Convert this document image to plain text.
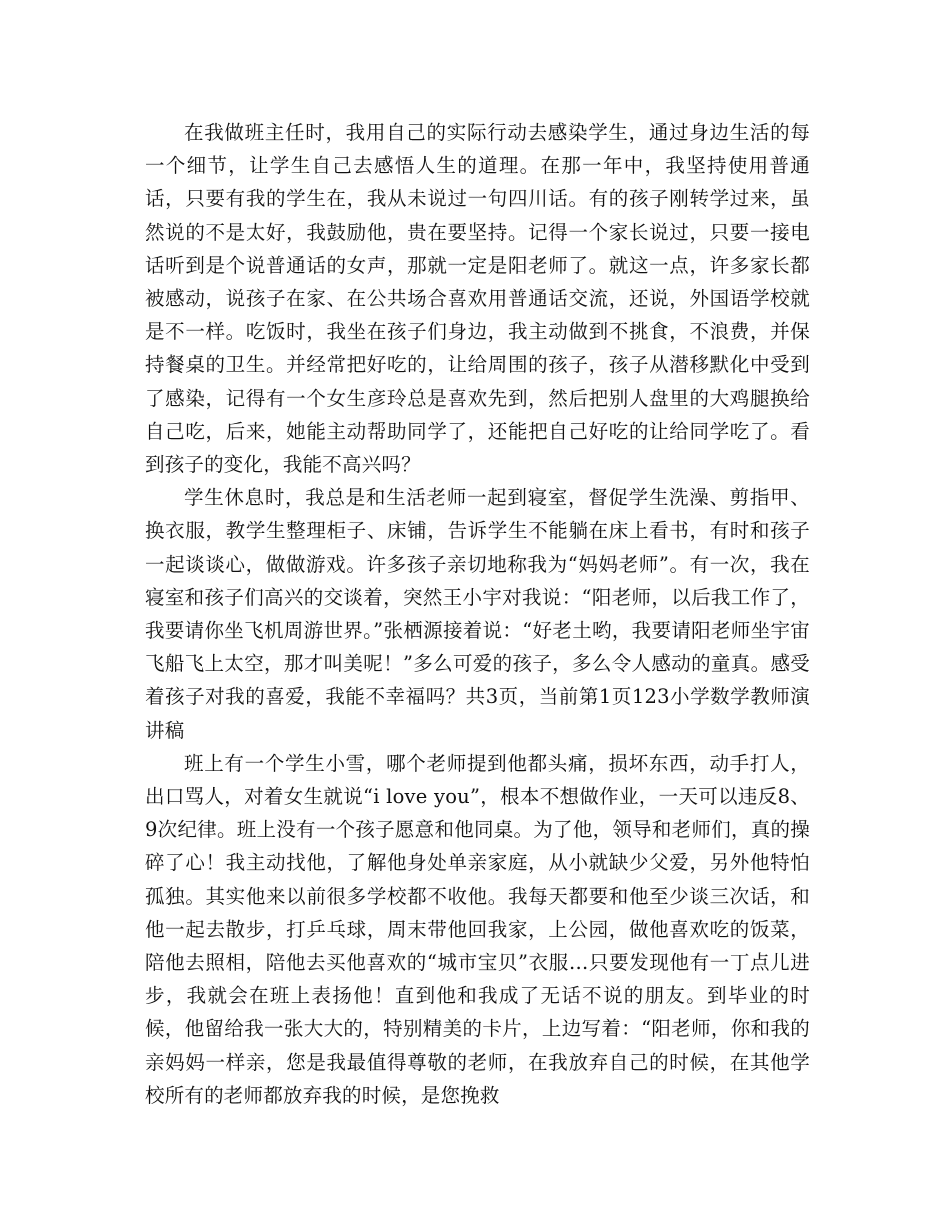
在我做班主任时，我用自己的实际行动去感染学生，通过身边生活的每一个细节，让学生自己去感悟人生的道理。在那一年中，我坚持使用普通话，只要有我的学生在，我从未说过一句四川话。有的孩子刚转学过来，虽然说的不是太好，我鼓励他，贵在要坚持。记得一个家长说过，只要一接电话听到是个说普通话的女声，那就一定是阳老师了。就这一点，许多家长都被感动，说孩子在家、在公共场合喜欢用普通话交流，还说，外国语学校就是不一样。吃饭时，我坐在孩子们身边，我主动做到不挑食，不浪费，并保持餐桌的卫生。并经常把好吃的，让给周围的孩子，孩子从潜移默化中受到了感染，记得有一个女生彦玲总是喜欢先到，然后把别人盘里的大鸡腿换给自己吃，后来，她能主动帮助同学了，还能把自己好吃的让给同学吃了。看到孩子的变化，我能不高兴吗？

学生休息时，我总是和生活老师一起到寝室，督促学生洗澡、剪指甲、换衣服，教学生整理柜子、床铺，告诉学生不能躺在床上看书，有时和孩子一起谈谈心，做做游戏。许多孩子亲切地称我为“妈妈老师”。有一次，我在寝室和孩子们高兴的交谈着，突然王小宇对我说：“阳老师，以后我工作了，我要请你坐飞机周游世界。”张栖源接着说：“好老土哟，我要请阳老师坐宇宙飞船飞上太空，那才叫美呢！”多么可爱的孩子，多么令人感动的童真。感受着孩子对我的喜爱，我能不幸福吗？共3页，当前第1页123小学数学教师演讲稿

班上有一个学生小雪，哪个老师提到他都头痛，损坏东西，动手打人，出口骂人，对着女生就说“i love you”，根本不想做作业，一天可以违反8、9次纪律。班上没有一个孩子愿意和他同桌。为了他，领导和老师们，真的操碎了心！我主动找他，了解他身处单亲家庭，从小就缺少父爱，另外他特怕孤独。其实他来以前很多学校都不收他。我每天都要和他至少谈三次话，和他一起去散步，打乒乓球，周末带他回我家，上公园，做他喜欢吃的饭菜，陪他去照相，陪他去买他喜欢的“城市宝贝”衣服…只要发现他有一丁点儿进步，我就会在班上表扬他！直到他和我成了无话不说的朋友。到毕业的时候，他留给我一张大大的，特别精美的卡片，上边写着：“阳老师，你和我的亲妈妈一样亲，您是我最值得尊敬的老师，在我放弃自己的时候，在其他学校所有的老师都放弃我的时候，是您挽救
